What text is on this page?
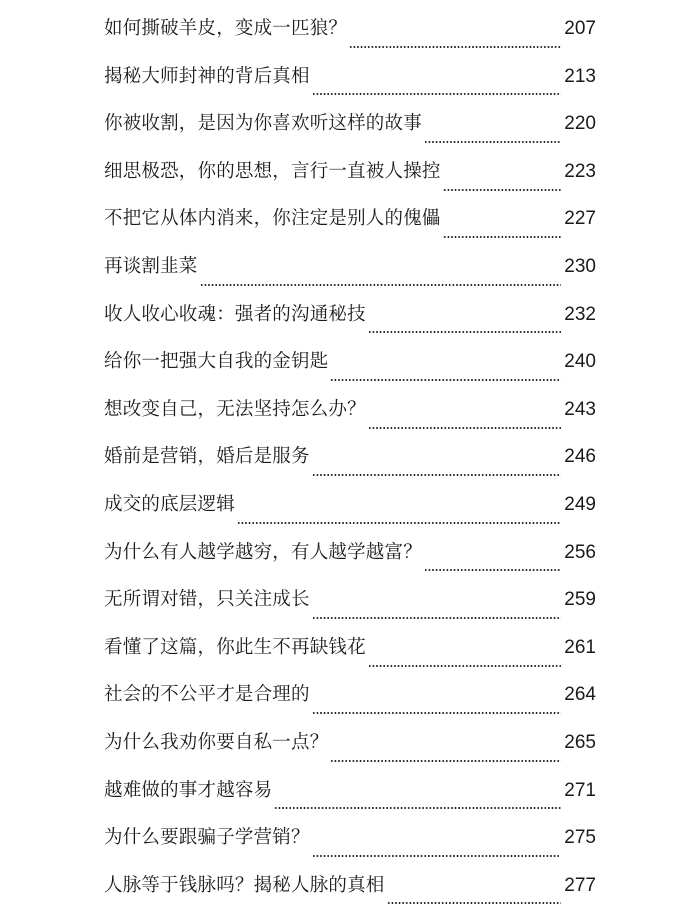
如何撕破羊皮，变成一匹狼？	207
揭秘大师封神的背后真相	213
你被收割，是因为你喜欢听这样的故事	220
细思极恐，你的思想，言行一直被人操控	223
不把它从体内消来，你注定是别人的傀儡	227
再谈割韭菜	230
收人收心收魂：强者的沟通秘技	232
给你一把强大自我的金钥匙	240
想改变自己，无法坚持怎么办？	243
婚前是营销，婚后是服务	246
成交的底层逻辑	249
为什么有人越学越穷，有人越学越富？	256
无所谓对错，只关注成长	259
看懂了这篇，你此生不再缺钱花	261
社会的不公平才是合理的	264
为什么我劝你要自私一点？	265
越难做的事才越容易	271
为什么要跟骗子学营销？	275
人脉等于钱脉吗？揭秘人脉的真相	277
